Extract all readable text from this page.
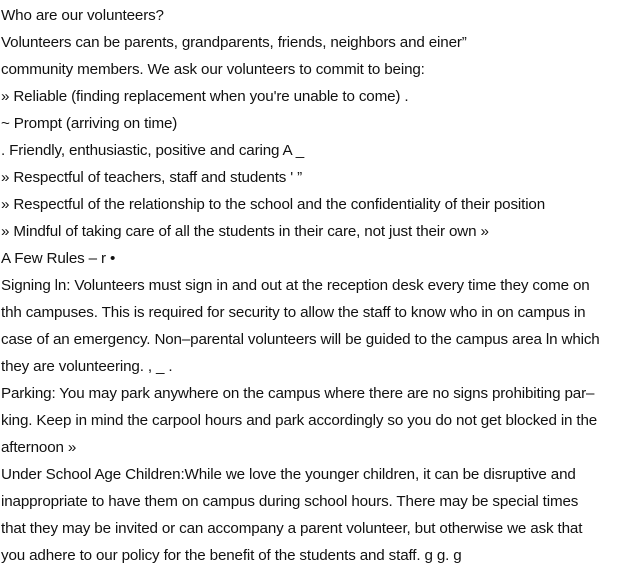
Who are our volunteers?
Volunteers can be parents, grandparents, friends, neighbors and einer”
community members. We ask our volunteers to commit to being:
» Reliable (finding replacement when you're unable to come) .
~ Prompt (arriving on time)
. Friendly, enthusiastic, positive and caring A _
» Respectful of teachers, staff and students ' ”
» Respectful of the relationship to the school and the confidentiality of their position
» Mindful of taking care of all the students in their care, not just their own »
A Few Rules – r •
Signing ln: Volunteers must sign in and out at the reception desk every time they come on
thh campuses. This is required for security to allow the staff to know who in on campus in
case of an emergency. Non–parental volunteers will be guided to the campus area ln which
they are volunteering. , _ .
Parking: You may park anywhere on the campus where there are no signs prohibiting par–
king. Keep in mind the carpool hours and park accordingly so you do not get blocked in the
afternoon »
Under School Age Children:While we love the younger children, it can be disruptive and
inappropriate to have them on campus during school hours. There may be special times
that they may be invited or can accompany a parent volunteer, but otherwise we ask that
you adhere to our policy for the benefit of the students and staff. g g. g
